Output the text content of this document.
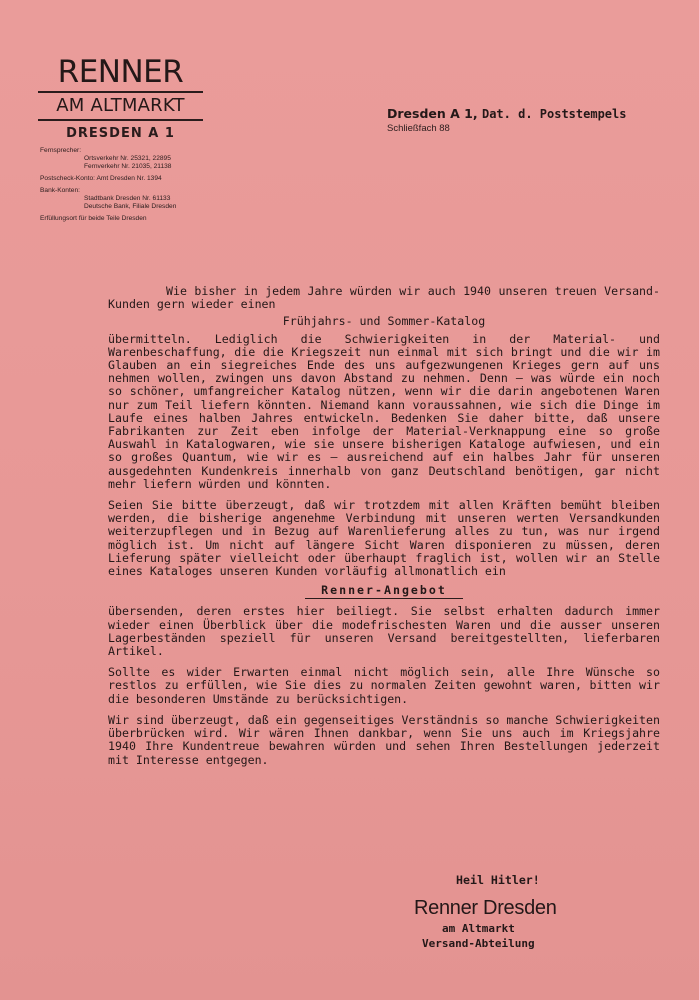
RENNER
AM ALTMARKT
DRESDEN A 1
Fernsprecher:
Ortsverkehr Nr. 25321, 22895
Fernverkehr Nr. 21035, 21138
Postscheck-Konto: Amt Dresden Nr. 1394
Bank-Konten:
Stadtbank Dresden Nr. 61133
Deutsche Bank, Filiale Dresden
Erfüllungsort für beide Teile Dresden
Dresden A 1, Dat. d. Poststempels
Schließfach 88

Wie bisher in jedem Jahre würden wir auch 1940 unseren treuen Versand-Kunden gern wieder einen

Frühjahrs- und Sommer-Katalog

übermitteln. Lediglich die Schwierigkeiten in der Material- und Warenbeschaffung, die die Kriegszeit nun einmal mit sich bringt und die wir im Glauben an ein siegreiches Ende des uns aufgezwungenen Krieges gern auf uns nehmen wollen, zwingen uns davon Abstand zu nehmen. Denn — was würde ein noch so schöner, umfangreicher Katalog nützen, wenn wir die darin angebotenen Waren nur zum Teil liefern könnten. Niemand kann voraussahnen, wie sich die Dinge im Laufe eines halben Jahres entwickeln. Bedenken Sie daher bitte, daß unsere Fabrikanten zur Zeit eben infolge der Material-Verknappung eine so große Auswahl in Katalogwaren, wie sie unsere bisherigen Kataloge aufwiesen, und ein so großes Quantum, wie wir es — ausreichend auf ein halbes Jahr für unseren ausgedehnten Kundenkreis innerhalb von ganz Deutschland benötigen, gar nicht mehr liefern würden und könnten.

Seien Sie bitte überzeugt, daß wir trotzdem mit allen Kräften bemüht bleiben werden, die bisherige angenehme Verbindung mit unseren werten Versandkunden weiterzupflegen und in Bezug auf Warenlieferung alles zu tun, was nur irgend möglich ist. Um nicht auf längere Sicht Waren disponieren zu müssen, deren Lieferung später vielleicht oder überhaupt fraglich ist, wollen wir an Stelle eines Kataloges unseren Kunden vorläufig allmonatlich ein

Renner-Angebot

übersenden, deren erstes hier beiliegt. Sie selbst erhalten dadurch immer wieder einen Überblick über die modefrischesten Waren und die ausser unseren Lagerbeständen speziell für unseren Versand bereitgestellten, lieferbaren Artikel.

Sollte es wider Erwarten einmal nicht möglich sein, alle Ihre Wünsche so restlos zu erfüllen, wie Sie dies zu normalen Zeiten gewohnt waren, bitten wir die besonderen Umstände zu berücksichtigen.

Wir sind überzeugt, daß ein gegenseitiges Verständnis so manche Schwierigkeiten überbrücken wird. Wir wären Ihnen dankbar, wenn Sie uns auch im Kriegsjahre 1940 Ihre Kundentreue bewahren würden und sehen Ihren Bestellungen jederzeit mit Interesse entgegen.

Heil Hitler!
Renner Dresden
am Altmarkt
Versand-Abteilung
